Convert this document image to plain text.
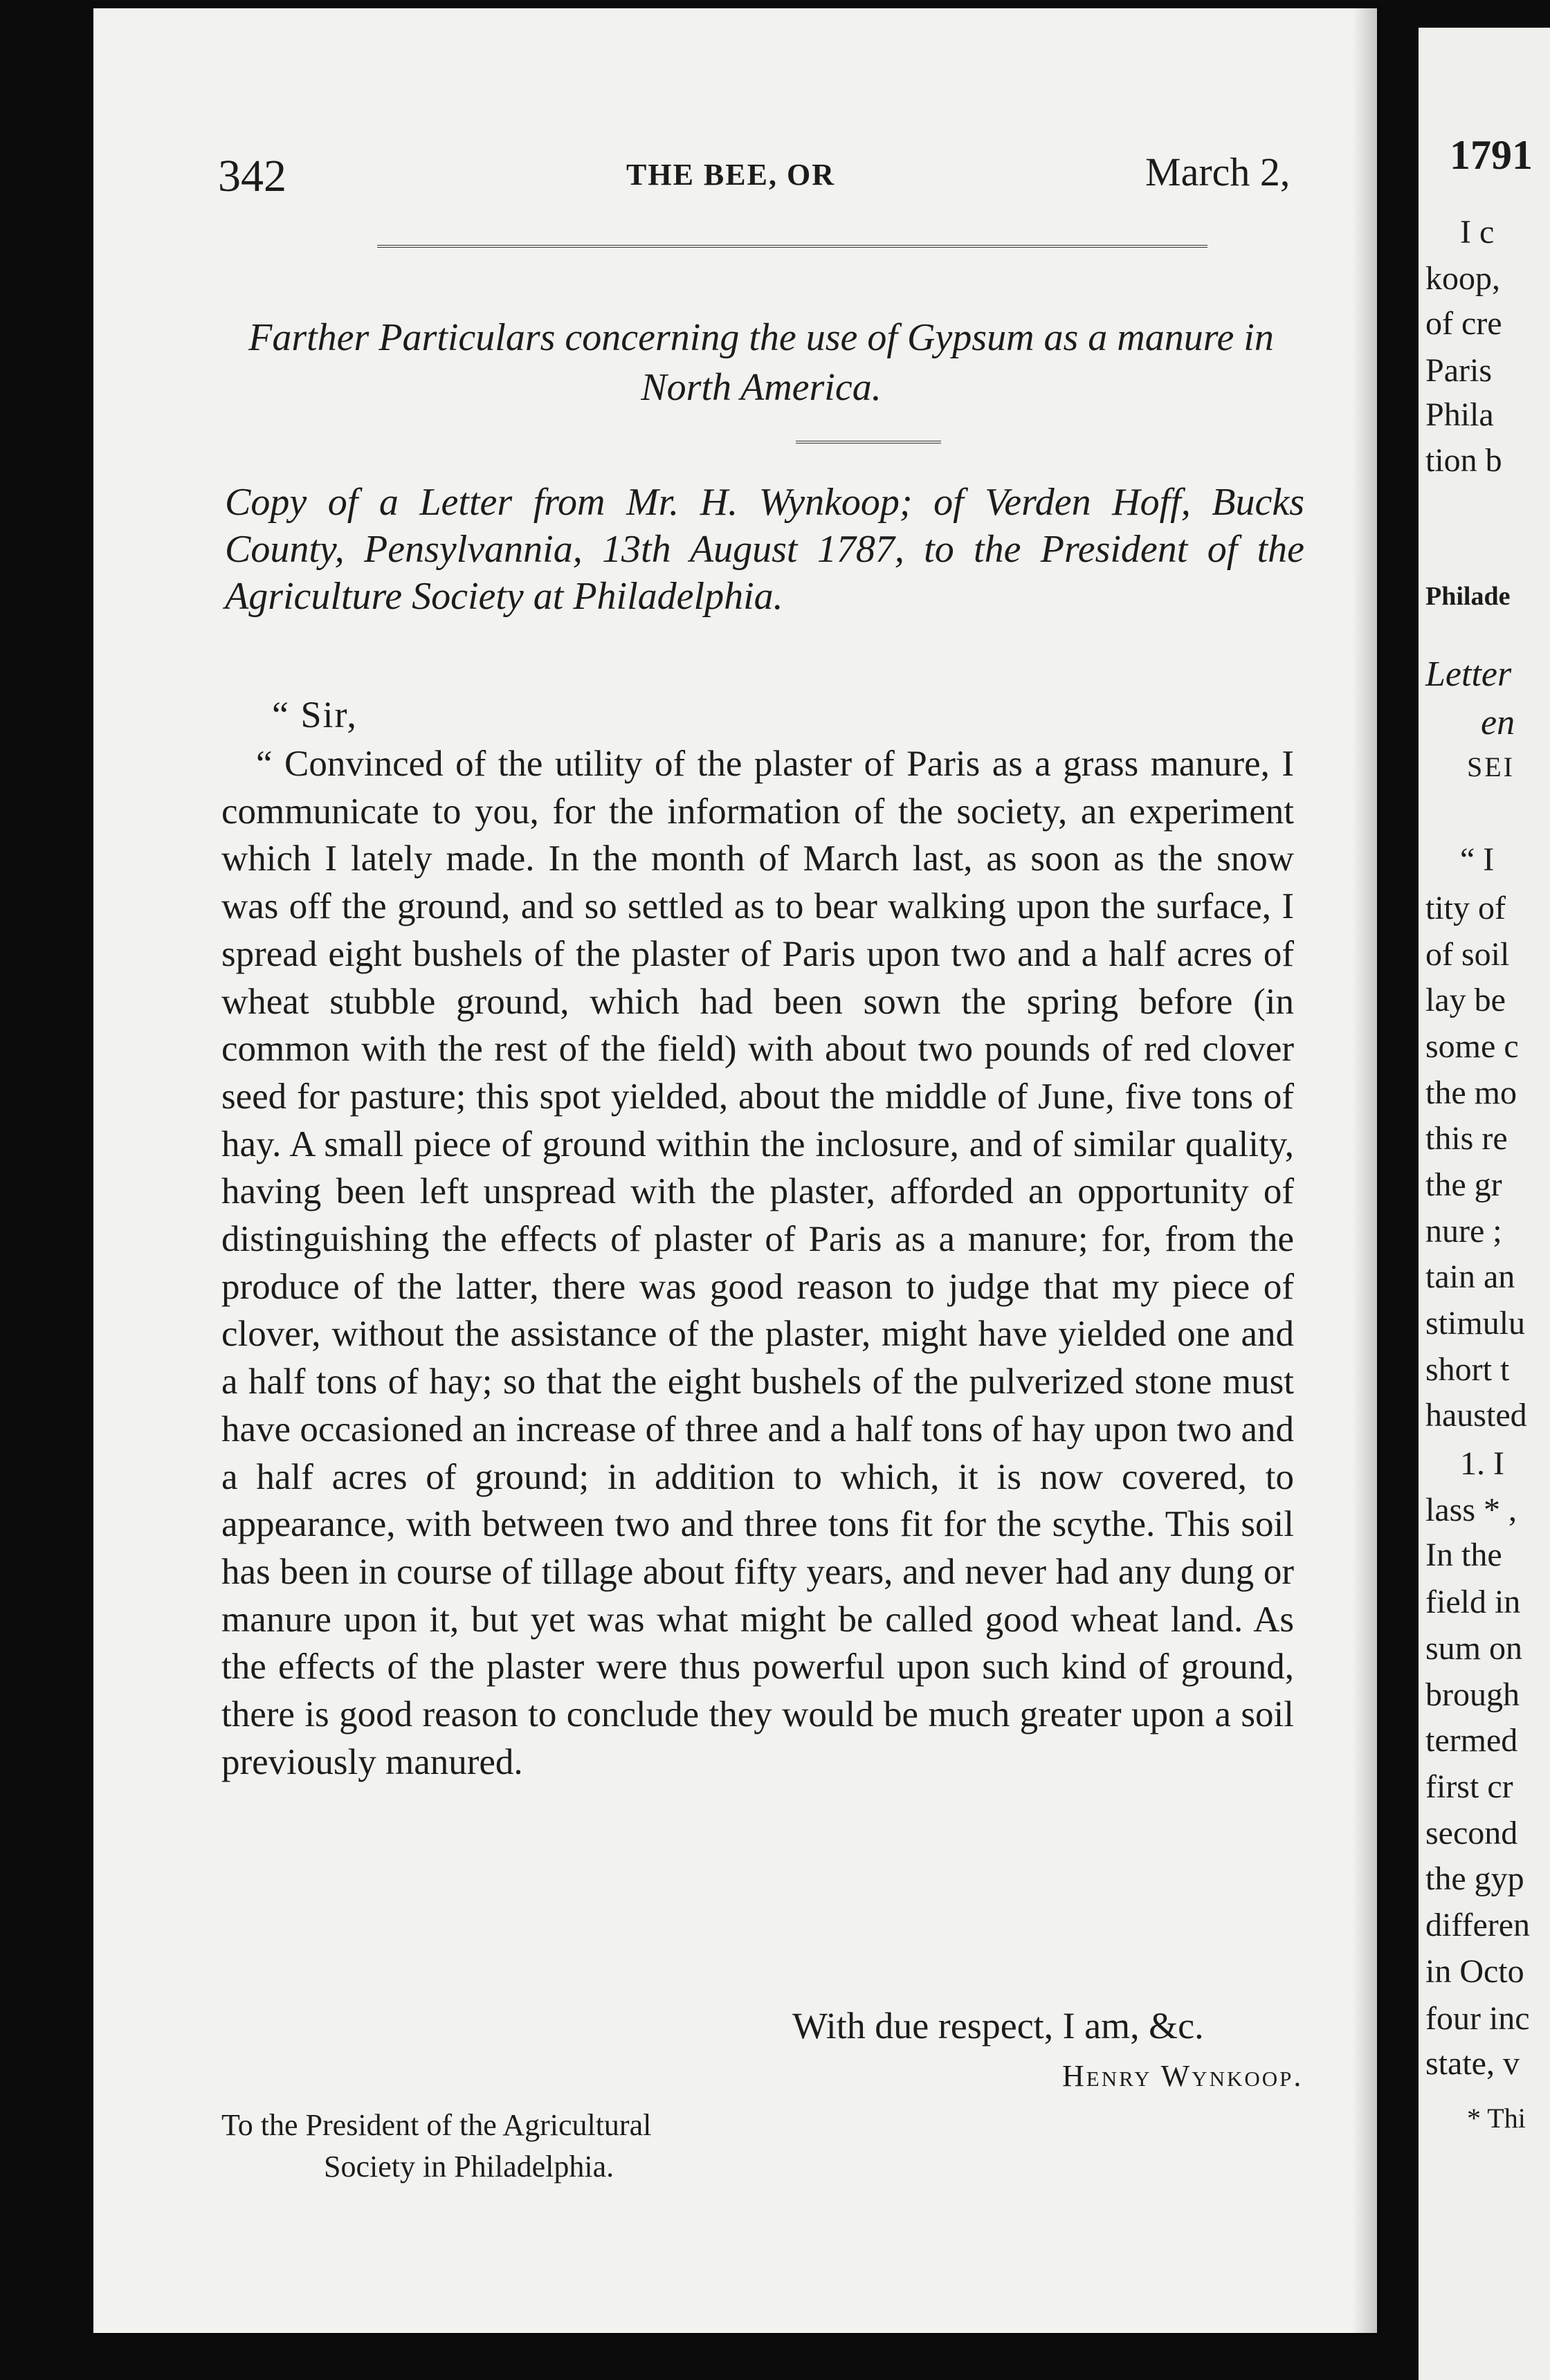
342	THE BEE, OR	March 2,
Farther Particulars concerning the use of Gypsum as a manure in North America.
Copy of a Letter from Mr. H. Wynkoop; of Verden Hoff, Bucks County, Pensylvannia, 13th August 1787, to the President of the Agriculture Society at Philadelphia.
“ Sir,
“ Convinced of the utility of the plaster of Paris as a grass manure, I communicate to you, for the information of the society, an experiment which I lately made. In the month of March last, as soon as the snow was off the ground, and so settled as to bear walking upon the surface, I spread eight bushels of the plaster of Paris upon two and a half acres of wheat stubble ground, which had been sown the spring before (in common with the rest of the field) with about two pounds of red clover seed for pasture; this spot yielded, about the middle of June, five tons of hay. A small piece of ground within the inclosure, and of similar quality, having been left unspread with the plaster, afforded an opportunity of distinguishing the effects of plaster of Paris as a manure; for, from the produce of the latter, there was good reason to judge that my piece of clover, without the assistance of the plaster, might have yielded one and a half tons of hay; so that the eight bushels of the pulverized stone must have occasioned an increase of three and a half tons of hay upon two and a half acres of ground; in addition to which, it is now covered, to appearance, with between two and three tons fit for the scythe. This soil has been in course of tillage about fifty years, and never had any dung or manure upon it, but yet was what might be called good wheat land. As the effects of the plaster were thus powerful upon such kind of ground, there is good reason to conclude they would be much greater upon a soil previously manured.
With due respect, I am, &c.
Henry Wynkoop.
To the President of the Agricultural
Society in Philadelphia.
1791
I c
koop,
of cre
Paris
Phila
tion b
Philade
Letter
en
SEI
“ I
tity of
of soil
lay be
some c
the mo
this re
the gr
nure ;
tain an
stimulu
short t
hausted
1. I
lass * ,
In the
field in
sum on
brough
termed
first cr
second
the gyp
differen
in Octo
four inc
state, v
* Thi
